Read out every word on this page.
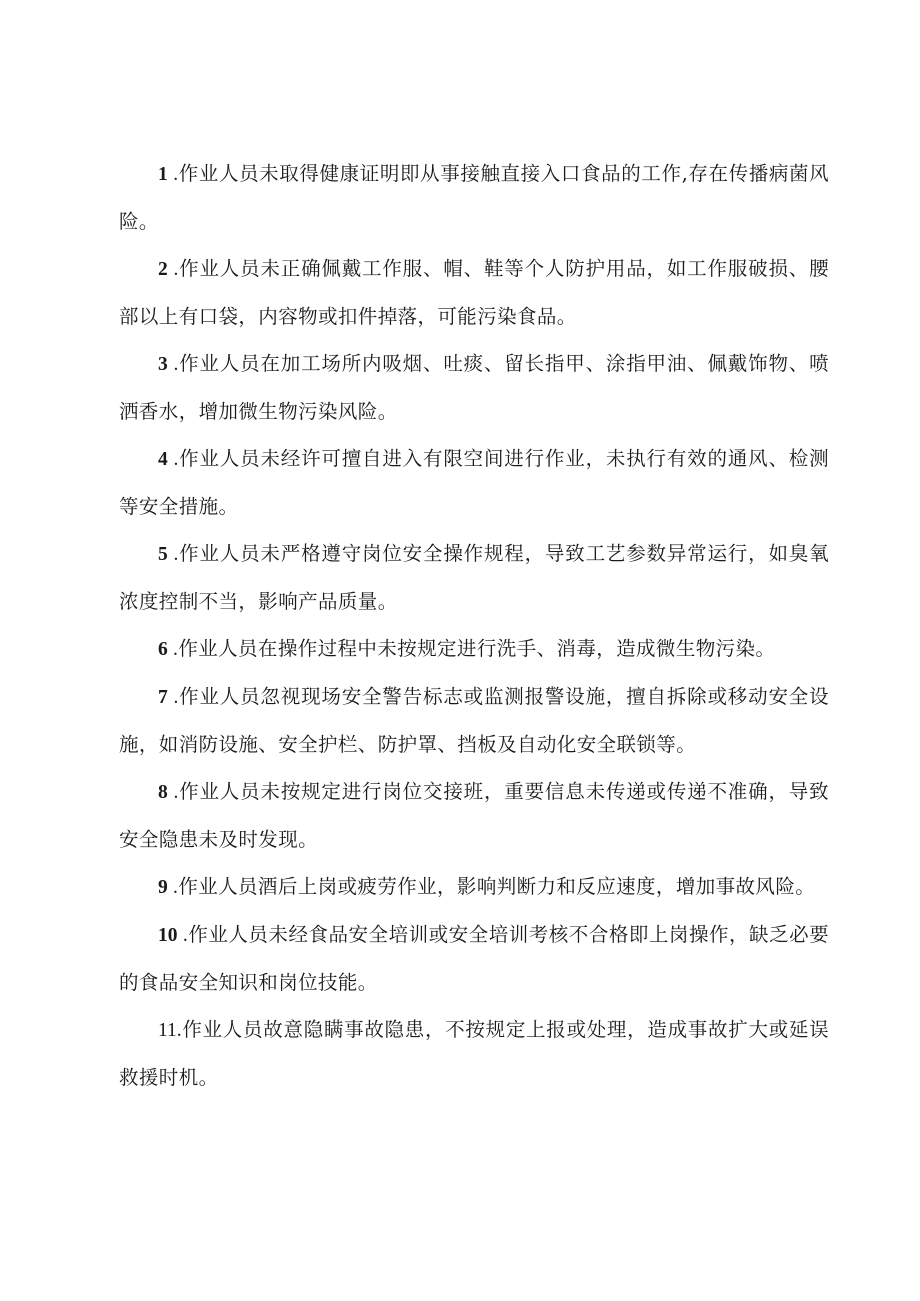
1 .作业人员未取得健康证明即从事接触直接入口食品的工作,存在传播病菌风险。

2 .作业人员未正确佩戴工作服、帽、鞋等个人防护用品，如工作服破损、腰部以上有口袋，内容物或扣件掉落，可能污染食品。

3 .作业人员在加工场所内吸烟、吐痰、留长指甲、涂指甲油、佩戴饰物、喷洒香水，增加微生物污染风险。

4 .作业人员未经许可擅自进入有限空间进行作业，未执行有效的通风、检测等安全措施。

5 .作业人员未严格遵守岗位安全操作规程，导致工艺参数异常运行，如臭氧浓度控制不当，影响产品质量。

6 .作业人员在操作过程中未按规定进行洗手、消毒，造成微生物污染。

7 .作业人员忽视现场安全警告标志或监测报警设施，擅自拆除或移动安全设施，如消防设施、安全护栏、防护罩、挡板及自动化安全联锁等。

8 .作业人员未按规定进行岗位交接班，重要信息未传递或传递不准确，导致安全隐患未及时发现。

9 .作业人员酒后上岗或疲劳作业，影响判断力和反应速度，增加事故风险。

10 .作业人员未经食品安全培训或安全培训考核不合格即上岗操作，缺乏必要的食品安全知识和岗位技能。

11.作业人员故意隐瞒事故隐患，不按规定上报或处理，造成事故扩大或延误救援时机。
